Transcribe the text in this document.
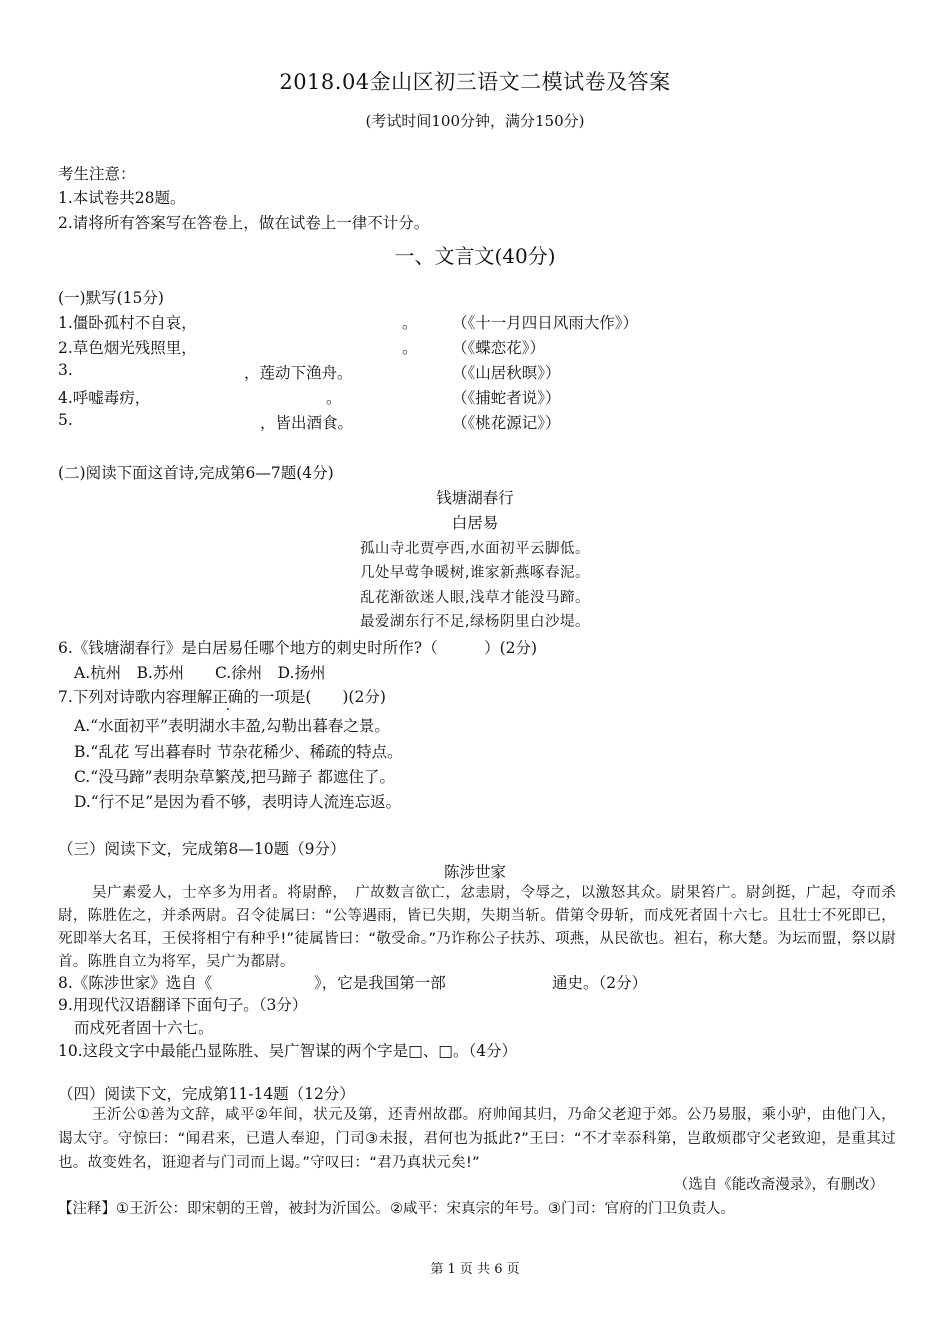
2018.04金山区初三语文二模试卷及答案
(考试时间100分钟，满分150分)
考生注意：
1.本试卷共28题。
2.请将所有答案写在答卷上，做在试卷上一律不计分。
一、文言文(40分)
(一)默写(15分)
1.僵卧孤村不自哀，	。 （《十一月四日风雨大作》）
2.草色烟光残照里，	。 （《蝶恋花》）
3.	，莲动下渔舟。	（《山居秋暝》）
4.呼嘘毒疠，	。	（《捕蛇者说》）
5.	，皆出酒食。	（《桃花源记》）
(二)阅读下面这首诗,完成第6—7题(4分)
钱塘湖春行
白居易
孤山寺北贾亭西,水面初平云脚低。
几处早莺争暖树,谁家新燕啄春泥。
乱花渐欲迷人眼,浅草才能没马蹄。
最爱湖东行不足,绿杨阴里白沙堤。
6.《钱塘湖春行》是白居易任哪个地方的刺史时所作?（　　　）(2分)
A.杭州　B.苏州　　C.徐州　D.扬州
7.下列对诗歌内容理解正确的一项是(　　)(2分)
A.“水面初平”表明湖水丰盈,勾勒出暮春之景。
B.“乱花 写出暮春时 节杂花稀少、稀疏的特点。
C.“没马蹄”表明杂草繁茂,把马蹄子 都遮住了。
D.“行不足”是因为看不够，表明诗人流连忘返。
（三）阅读下文，完成第8—10题（9分）
陈涉世家
吴广素爱人，士卒多为用者。将尉醉，　广故数言欲亡，忿恚尉，令辱之，以激怒其众。尉果笞广。尉剑挺，广起，夺而杀尉，陈胜佐之，并杀两尉。召令徒属曰：“公等遇雨，皆已失期，失期当斩。借第令毋斩，而戍死者固十六七。且壮士不死即已，死即举大名耳，王侯将相宁有种乎!”徒属皆曰：“敬受命。”乃诈称公子扶苏、项燕，从民欲也。袒右，称大楚。为坛而盟，祭以尉首。陈胜自立为将军，吴广为都尉。
8.《陈涉世家》选自《	》，它是我国第一部	通史。（2分）
9.用现代汉语翻译下面句子。（3分）
而戍死者固十六七。
10.这段文字中最能凸显陈胜、吴广智谋的两个字是□、□。（4分）
（四）阅读下文，完成第11-14题（12分）
王沂公①善为文辞，咸平②年间，状元及第，还青州故郡。府帅闻其归，乃命父老迎于郊。公乃易服，乘小驴，由他门入，谒太守。守惊曰：“闻君来，已遣人奉迎，门司③未报，君何也为抵此?”王曰：“不才幸忝科第，岂敢烦郡守父老致迎，是重其过也。故变姓名，诳迎者与门司而上谒。”守叹曰：“君乃真状元矣!”
（选自《能改斋漫录》，有删改）
【注释】①王沂公：即宋朝的王曾，被封为沂国公。②咸平：宋真宗的年号。③门司：官府的门卫负责人。
第 1 页 共 6 页
